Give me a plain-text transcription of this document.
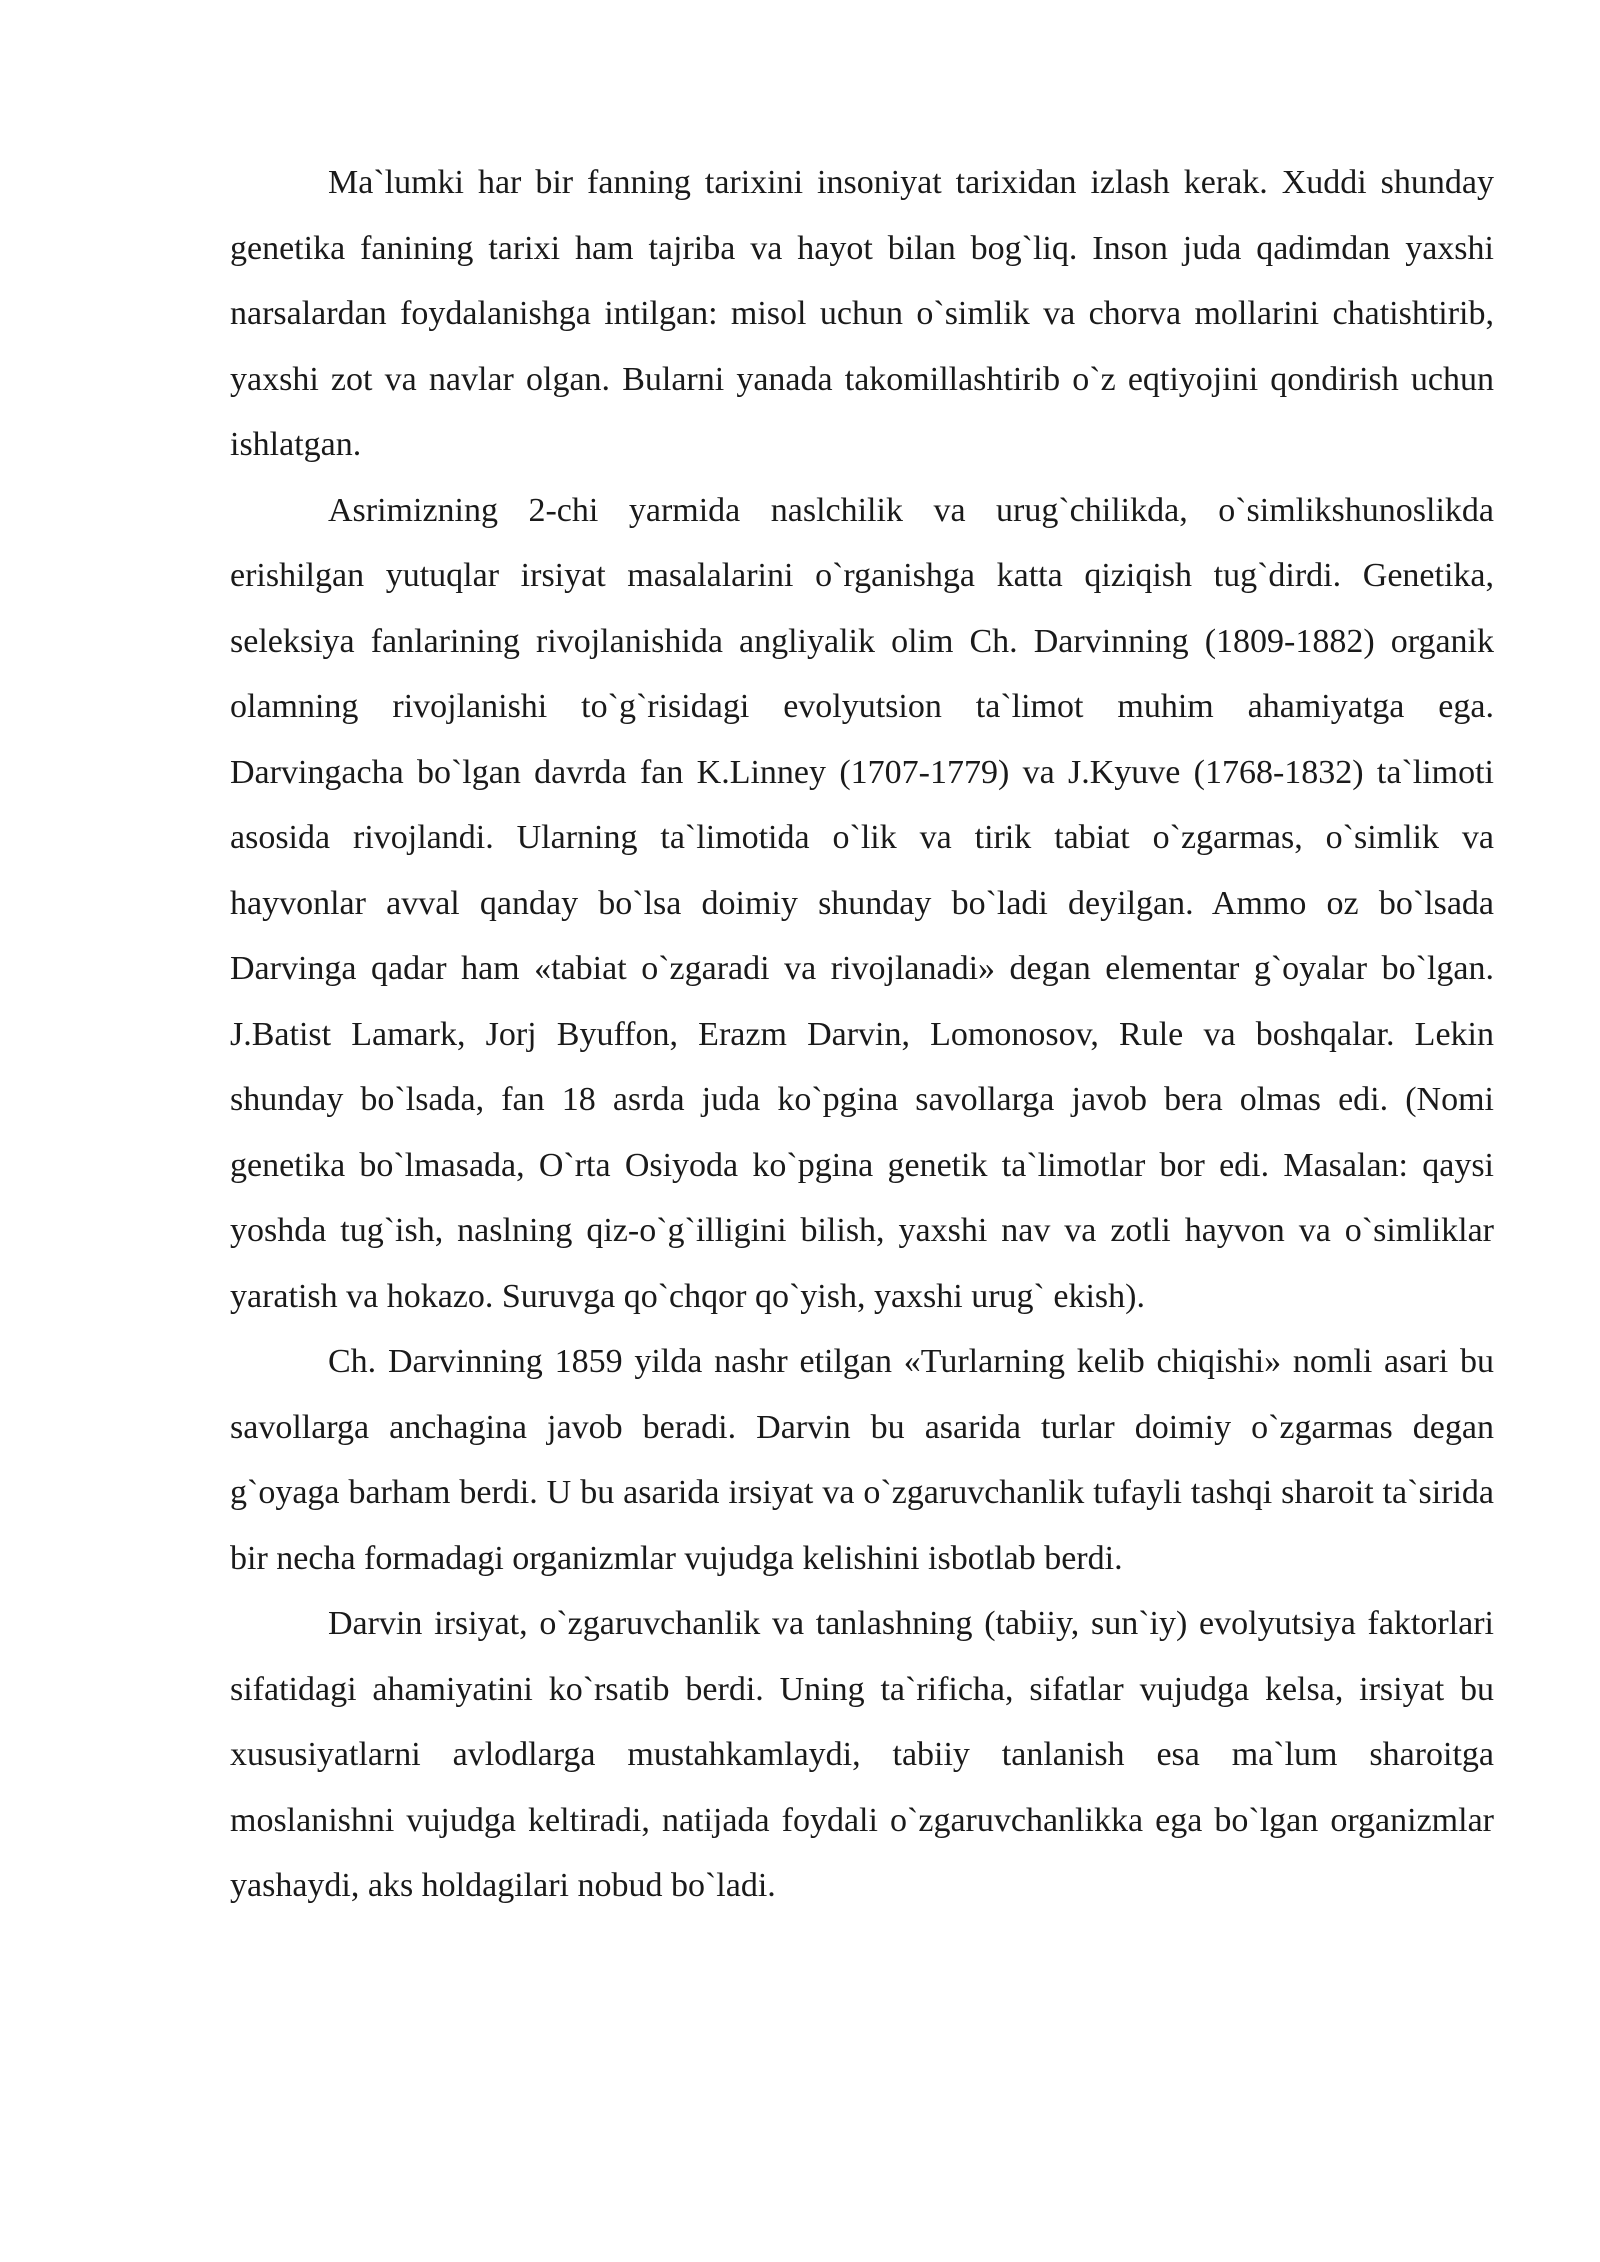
Ma`lumki har bir fanning tarixini insoniyat tarixidan izlash kerak. Xuddi shunday genetika fanining tarixi ham tajriba va hayot bilan bog`liq. Inson juda qadimdan yaxshi narsalardan foydalanishga intilgan: misol uchun o`simlik va chorva mollarini chatishtirib, yaxshi zot va navlar olgan. Bularni yanada takomillashtirib o`z eqtiyojini qondirish uchun ishlatgan.

Asrimizning 2-chi yarmida naslchilik va urug`chilikda, o`simlikshunoslikda erishilgan yutuqlar irsiyat masalalarini o`rganishga katta qiziqish tug`dirdi. Genetika, seleksiya fanlarining rivojlanishida angliyalik olim Ch. Darvinning (1809-1882) organik olamning rivojlanishi to`g`risidagi evolyutsion ta`limot muhim ahamiyatga ega. Darvingacha bo`lgan davrda fan K.Linney (1707-1779) va J.Kyuve (1768-1832) ta`limoti asosida rivojlandi. Ularning ta`limotida o`lik va tirik tabiat o`zgarmas, o`simlik va hayvonlar avval qanday bo`lsa doimiy shunday bo`ladi deyilgan. Ammo oz bo`lsada Darvinga qadar ham «tabiat o`zgaradi va rivojlanadi» degan elementar g`oyalar bo`lgan. J.Batist Lamark, Jorj Byuffon, Erazm Darvin, Lomonosov, Rule va boshqalar. Lekin shunday bo`lsada, fan 18 asrda juda ko`pgina savollarga javob bera olmas edi. (Nomi genetika bo`lmasada, O`rta Osiyoda ko`pgina genetik ta`limotlar bor edi. Masalan: qaysi yoshda tug`ish, naslning qiz-o`g`illigini bilish, yaxshi nav va zotli hayvon va o`simliklar yaratish va hokazo. Suruvga qo`chqor qo`yish, yaxshi urug` ekish).

Ch. Darvinning 1859 yilda nashr etilgan «Turlarning kelib chiqishi» nomli asari bu savollarga anchagina javob beradi. Darvin bu asarida turlar doimiy o`zgarmas degan g`oyaga barham berdi. U bu asarida irsiyat va o`zgaruvchanlik tufayli tashqi sharoit ta`sirida bir necha formadagi organizmlar vujudga kelishini isbotlab berdi.

Darvin irsiyat, o`zgaruvchanlik va tanlashning (tabiiy, sun`iy) evolyutsiya faktorlari sifatidagi ahamiyatini ko`rsatib berdi. Uning ta`rificha, sifatlar vujudga kelsa, irsiyat bu xususiyatlarni avlodlarga mustahkamlaydi, tabiiy tanlanish esa ma`lum sharoitga moslanishni vujudga keltiradi, natijada foydali o`zgaruvchanlikka ega bo`lgan organizmlar yashaydi, aks holdagilari nobud bo`ladi.
